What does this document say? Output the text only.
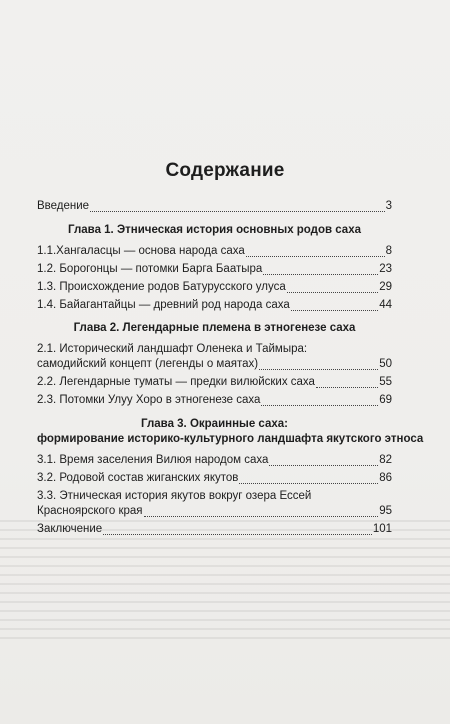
Содержание
Введение	3
Глава 1. Этническая история основных родов саха
1.1.Хангаласцы — основа народа саха	8
1.2. Борогонцы — потомки Барга Баатыра	23
1.3. Происхождение родов Батурусского улуса	29
1.4. Байагантайцы — древний род народа саха	44
Глава 2. Легендарные племена в этногенезе саха
2.1. Исторический ландшафт Оленека и Таймыра:
самодийский концепт (легенды о маятах)	50
2.2. Легендарные туматы — предки вилюйских саха	55
2.3. Потомки Улуу Хоро в этногенезе саха	69
Глава 3. Окраинные саха:
формирование историко-культурного ландшафта якутского этноса
3.1. Время заселения Вилюя народом саха	82
3.2. Родовой состав жиганских якутов	86
3.3. Этническая история якутов вокруг озера Ессей
Красноярского края	95
Заключение	101
